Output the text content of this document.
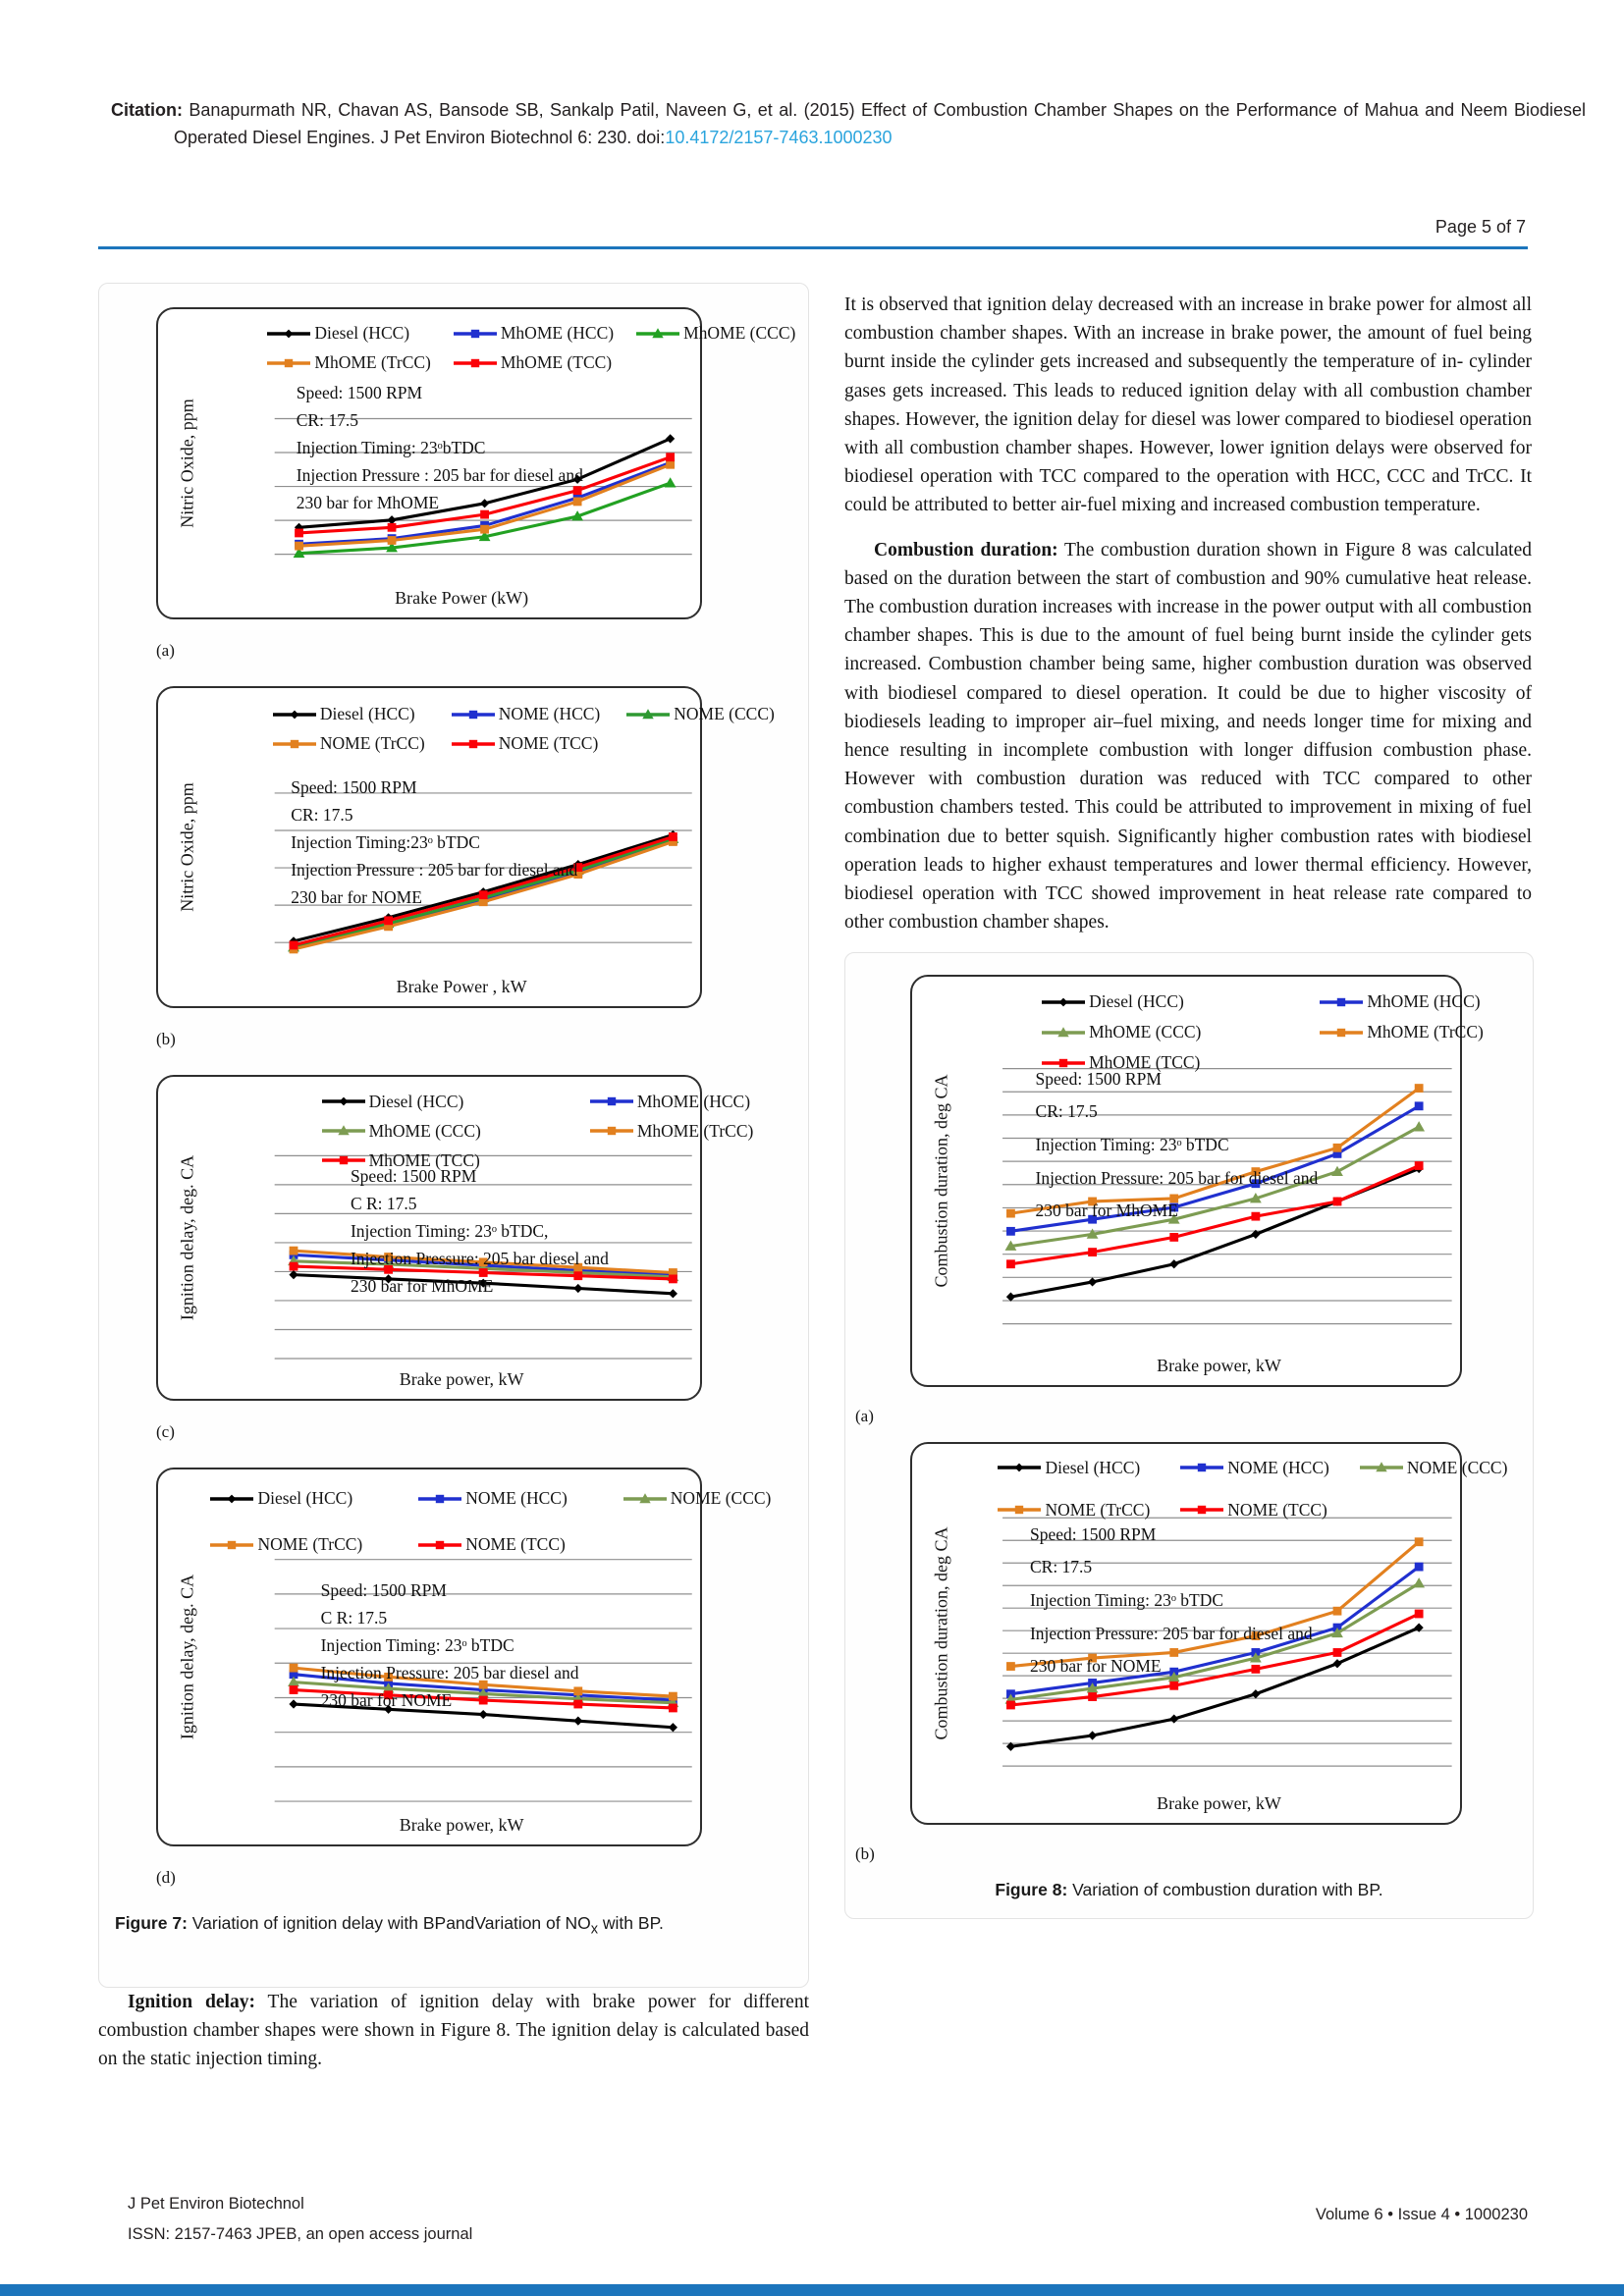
Citation: Banapurmath NR, Chavan AS, Bansode SB, Sankalp Patil, Naveen G, et al. (2015) Effect of Combustion Chamber Shapes on the Performance of Mahua and Neem Biodiesel Operated Diesel Engines. J Pet Environ Biotechnol 6: 230. doi:10.4172/2157-7463.1000230
Page 5 of 7
Diesel (HCC)	MhOME (HCC)	MhOME (CCC)
MhOME (TrCC)	MhOME (TCC)
Speed: 1500 RPM
CR: 17.5
Injection Timing: 23ᵒbTDC
Injection Pressure : 205 bar for diesel and
230 bar for MhOME
Nitric Oxide, ppm
Brake Power (kW)
(a)
Diesel (HCC)	NOME (HCC)	NOME (CCC)
NOME (TrCC)	NOME (TCC)
Speed: 1500 RPM
CR: 17.5
Injection Timing:23ᵒ bTDC
Injection Pressure : 205 bar for diesel and
230 bar for NOME
Nitric Oxide, ppm
Brake Power , kW
(b)
Diesel (HCC)	MhOME (HCC)
MhOME (CCC)	MhOME (TrCC)
MhOME (TCC)
Speed: 1500 RPM
C R: 17.5
Injection Timing: 23ᵒ bTDC,
Injection Pressure: 205 bar diesel and
230 bar for MhOME
Ignition delay, deg. CA
Brake power, kW
(c)
Diesel (HCC)	NOME (HCC)	NOME (CCC)
NOME (TrCC)	NOME (TCC)
Speed: 1500 RPM
C R: 17.5
Injection Timing: 23ᵒ bTDC
Injection Pressure: 205 bar diesel and
230 bar for NOME
Ignition delay, deg. CA
Brake power, kW
(d)
Figure 7: Variation of ignition delay with BPandVariation of $NO_x$ with BP.

Ignition delay: The variation of ignition delay with brake power for different combustion chamber shapes were shown in Figure 8. The ignition delay is calculated based on the static injection timing.

It is observed that ignition delay decreased with an increase in brake power for almost all combustion chamber shapes. With an increase in brake power, the amount of fuel being burnt inside the cylinder gets increased and subsequently the temperature of in- cylinder gases gets increased. This leads to reduced ignition delay with all combustion chamber shapes. However, the ignition delay for diesel was lower compared to biodiesel operation with all combustion chamber shapes. However, lower ignition delays were observed for biodiesel operation with TCC compared to the operation with HCC, CCC and TrCC. It could be attributed to better air-fuel mixing and increased combustion temperature.

Combustion duration: The combustion duration shown in Figure 8 was calculated based on the duration between the start of combustion and 90% cumulative heat release. The combustion duration increases with increase in the power output with all combustion chamber shapes. This is due to the amount of fuel being burnt inside the cylinder gets increased. Combustion chamber being same, higher combustion duration was observed with biodiesel compared to diesel operation. It could be due to higher viscosity of biodiesels leading to improper air–fuel mixing, and needs longer time for mixing and hence resulting in incomplete combustion with longer diffusion combustion phase. However with combustion duration was reduced with TCC compared to other combustion chambers tested. This could be attributed to improvement in mixing of fuel combination due to better squish. Significantly higher combustion rates with biodiesel operation leads to higher exhaust temperatures and lower thermal efficiency. However, biodiesel operation with TCC showed improvement in heat release rate compared to other combustion chamber shapes.

Diesel (HCC)	MhOME (HCC)
MhOME (CCC)	MhOME (TrCC)
MhOME (TCC)
Speed: 1500 RPM
CR: 17.5
Injection Timing: 23ᵒ bTDC
Injection Pressure: 205 bar for diesel and
230 bar for MhOME
Combustion duration, deg CA
Brake power, kW
(a)
Diesel (HCC)	NOME (HCC)	NOME (CCC)
NOME (TrCC)	NOME (TCC)
Speed: 1500 RPM
CR: 17.5
Injection Timing: 23ᵒ bTDC
Injection Pressure: 205 bar for diesel and
230 bar for NOME
Combustion duration, deg CA
Brake power, kW
(b)
Figure 8: Variation of combustion duration with BP.
J Pet Environ Biotechnol
ISSN: 2157-7463 JPEB, an open access journal
Volume 6 • Issue 4 • 1000230
